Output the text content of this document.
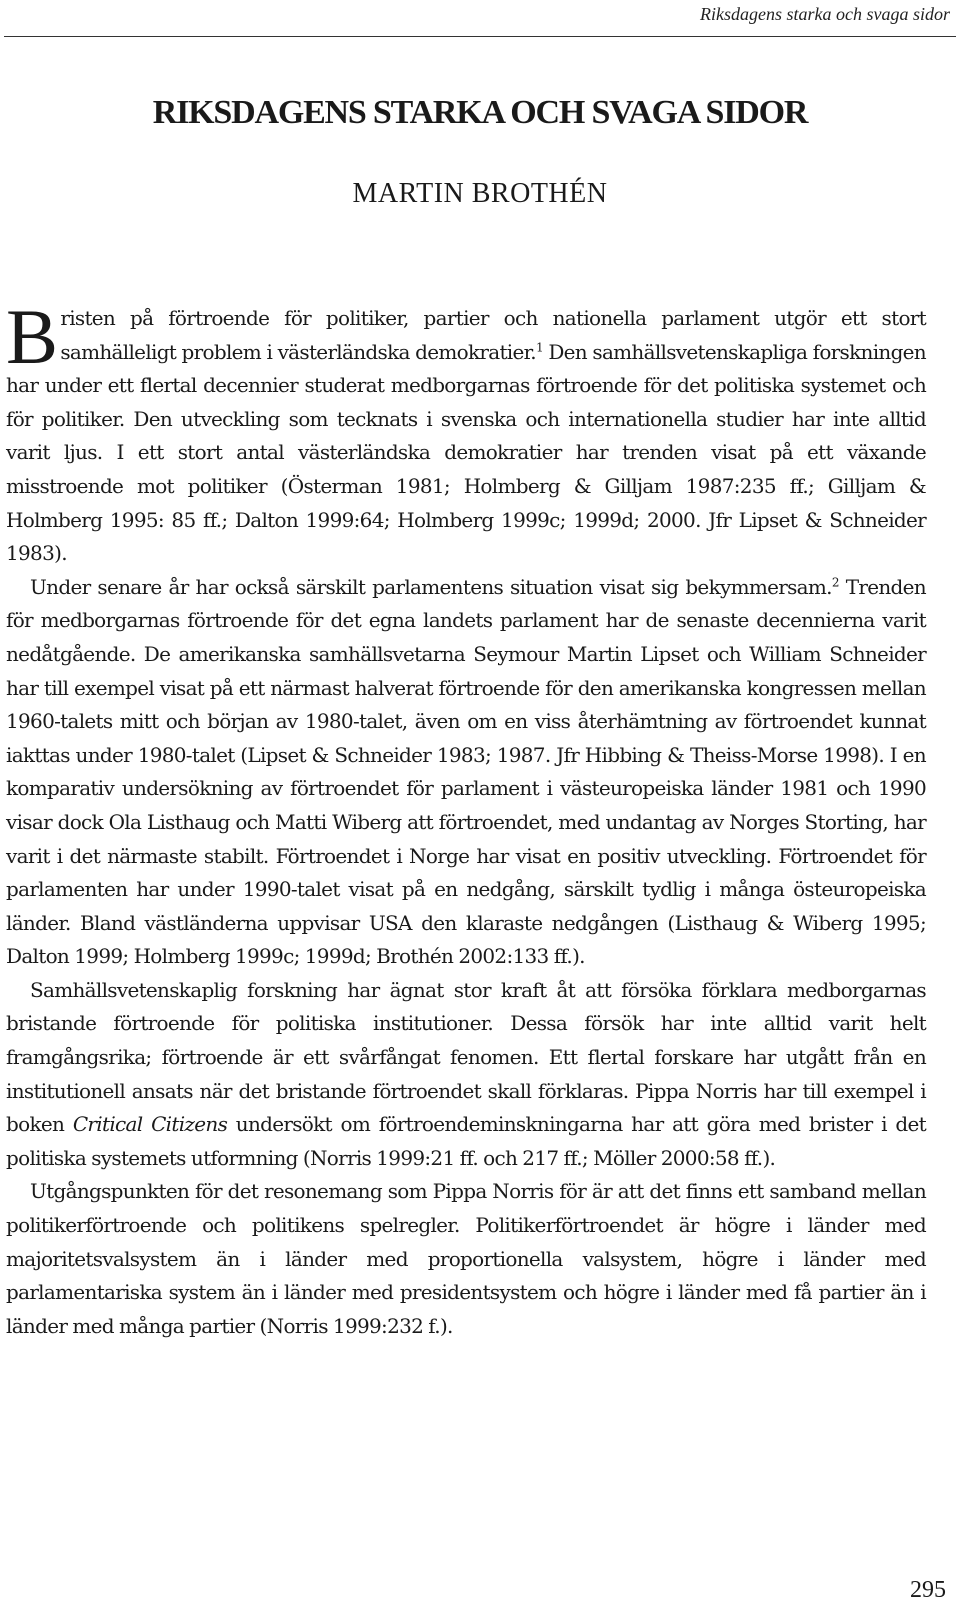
Riksdagens starka och svaga sidor
RIKSDAGENS STARKA OCH SVAGA SIDOR
MARTIN BROTHÉN

Bristen på förtroende för politiker, partier och nationella parlament utgör ett stort samhälleligt problem i västerländska demokratier.$^1$ Den samhällsvetenskapliga forskningen har under ett flertal decennier studerat medborgarnas förtroende för det politiska systemet och för politiker. Den utveckling som tecknats i svenska och internationella studier har inte alltid varit ljus. I ett stort antal västerländska demokratier har trenden visat på ett växande misstroende mot politiker (Österman 1981; Holmberg & Gilljam 1987:235 ff.; Gilljam & Holmberg 1995: 85 ff.; Dalton 1999:64; Holmberg 1999c; 1999d; 2000. Jfr Lipset & Schneider 1983).

Under senare år har också särskilt parlamentens situation visat sig bekymmersam.$^2$ Trenden för medborgarnas förtroende för det egna landets parlament har de senaste decennierna varit nedåtgående. De amerikanska samhällsvetarna Seymour Martin Lipset och William Schneider har till exempel visat på ett närmast halverat förtroende för den amerikanska kongressen mellan 1960-talets mitt och början av 1980-talet, även om en viss återhämtning av förtroendet kunnat iakttas under 1980-talet (Lipset & Schneider 1983; 1987. Jfr Hibbing & Theiss-Morse 1998). I en komparativ undersökning av förtroendet för parlament i västeuropeiska länder 1981 och 1990 visar dock Ola Listhaug och Matti Wiberg att förtroendet, med undantag av Norges Storting, har varit i det närmaste stabilt. Förtroendet i Norge har visat en positiv utveckling. Förtroendet för parlamenten har under 1990-talet visat på en nedgång, särskilt tydlig i många östeuropeiska länder. Bland västländerna uppvisar USA den klaraste nedgången (Listhaug & Wiberg 1995; Dalton 1999; Holmberg 1999c; 1999d; Brothén 2002:133 ff.).

Samhällsvetenskaplig forskning har ägnat stor kraft åt att försöka förklara medborgarnas bristande förtroende för politiska institutioner. Dessa försök har inte alltid varit helt framgångsrika; förtroende är ett svårfångat fenomen. Ett flertal forskare har utgått från en institutionell ansats när det bristande förtroendet skall förklaras. Pippa Norris har till exempel i boken Critical Citizens undersökt om förtroendeminskningarna har att göra med brister i det politiska systemets utformning (Norris 1999:21 ff. och 217 ff.; Möller 2000:58 ff.).

Utgångspunkten för det resonemang som Pippa Norris för är att det finns ett samband mellan politikerförtroende och politikens spelregler. Politikerförtroendet är högre i länder med majoritetsvalsystem än i länder med proportionella valsystem, högre i länder med parlamentariska system än i länder med presidentsystem och högre i länder med få partier än i länder med många partier (Norris 1999:232 f.).

295
